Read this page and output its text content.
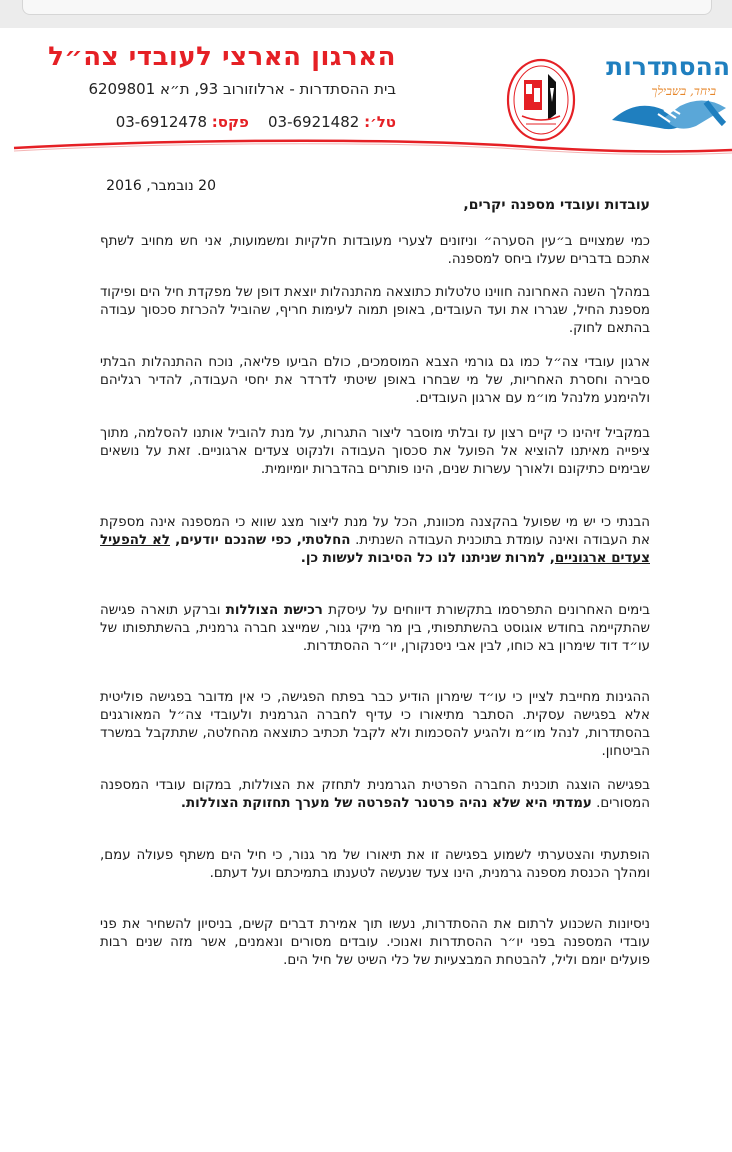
הארגון הארצי לעובדי צה״ל
בית ההסתדרות - ארלוזורוב 93, ת״א 6209801
טל׳: 03-6921482    פקס: 03-6912478
ההסתדרות
ביחד, בשבילך
20 נובמבר, 2016
עובדות ועובדי מספנה יקרים,

כמי שמצויים ב״עין הסערה״ וניזונים לצערי מעובדות חלקיות ומשמועות, אני חש מחויב לשתף אתכם בדברים שעלו ביחס למספנה.

במהלך השנה האחרונה חווינו טלטלות כתוצאה מהתנהלות יוצאת דופן של מפקדת חיל הים ופיקוד מספנת החיל, שגררו את ועד העובדים, באופן תמוה לעימות חריף, שהוביל להכרזת סכסוך עבודה בהתאם לחוק.

ארגון עובדי צה״ל כמו גם גורמי הצבא המוסמכים, כולם הביעו פליאה, נוכח ההתנהלות הבלתי סבירה וחסרת האחריות, של מי שבחרו באופן שיטתי לדרדר את יחסי העבודה, להדיר רגליהם ולהימנע מלנהל מו״מ עם ארגון העובדים.

במקביל זיהינו כי קיים רצון עז ובלתי מוסבר ליצור התגרות, על מנת להוביל אותנו להסלמה, מתוך ציפייה מאיתנו להוציא אל הפועל את סכסוך העבודה ולנקוט צעדים ארגוניים. זאת על נושאים שבימים כתיקונם ולאורך עשרות שנים, הינו פותרים בהדברות יומיומית.

הבנתי כי יש מי שפועל בהקצנה מכוונת, הכל על מנת ליצור מצג שווא כי המספנה אינה מספקת את העבודה ואינה עומדת בתוכנית העבודה השנתית. החלטתי, כפי שהנכם יודעים, לא להפעיל צעדים ארגוניים, למרות שניתנו לנו כל הסיבות לעשות כן.

בימים האחרונים התפרסמו בתקשורת דיווחים על עיסקת רכישת הצוללות וברקע תוארה פגישה שהתקיימה בחודש אוגוסט בהשתתפותי, בין מר מיקי גנור, שמייצג חברה גרמנית, בהשתתפותו של עו״ד דוד שימרון בא כוחו, לבין אבי ניסנקורן, יו״ר ההסתדרות.

ההגינות מחייבת לציין כי עו״ד שימרון הודיע כבר בפתח הפגישה, כי אין מדובר בפגישה פוליטית אלא בפגישה עסקית. הסתבר מתיאורו כי עדיף לחברה הגרמנית ולעובדי צה״ל המאורגנים בהסתדרות, לנהל מו״מ ולהגיע להסכמות ולא לקבל תכתיב כתוצאה מהחלטה, שתתקבל במשרד הביטחון.

בפגישה הוצגה תוכנית החברה הפרטית הגרמנית לתחזק את הצוללות, במקום עובדי המספנה המסורים. עמדתי היא שלא נהיה פרטנר להפרטה של מערך תחזוקת הצוללות.

הופתעתי והצטערתי לשמוע בפגישה זו את תיאורו של מר גנור, כי חיל הים משתף פעולה עמם, ומהלך הכנסת מספנה גרמנית, הינו צעד שנעשה לטענתו בתמיכתם ועל דעתם.

ניסיונות השכנוע לרתום את ההסתדרות, נעשו תוך אמירת דברים קשים, בניסיון להשחיר את פני עובדי המספנה בפני יו״ר ההסתדרות ואנוכי. עובדים מסורים ונאמנים, אשר מזה שנים רבות פועלים יומם וליל, להבטחת המבצעיות של כלי השיט של חיל הים.
